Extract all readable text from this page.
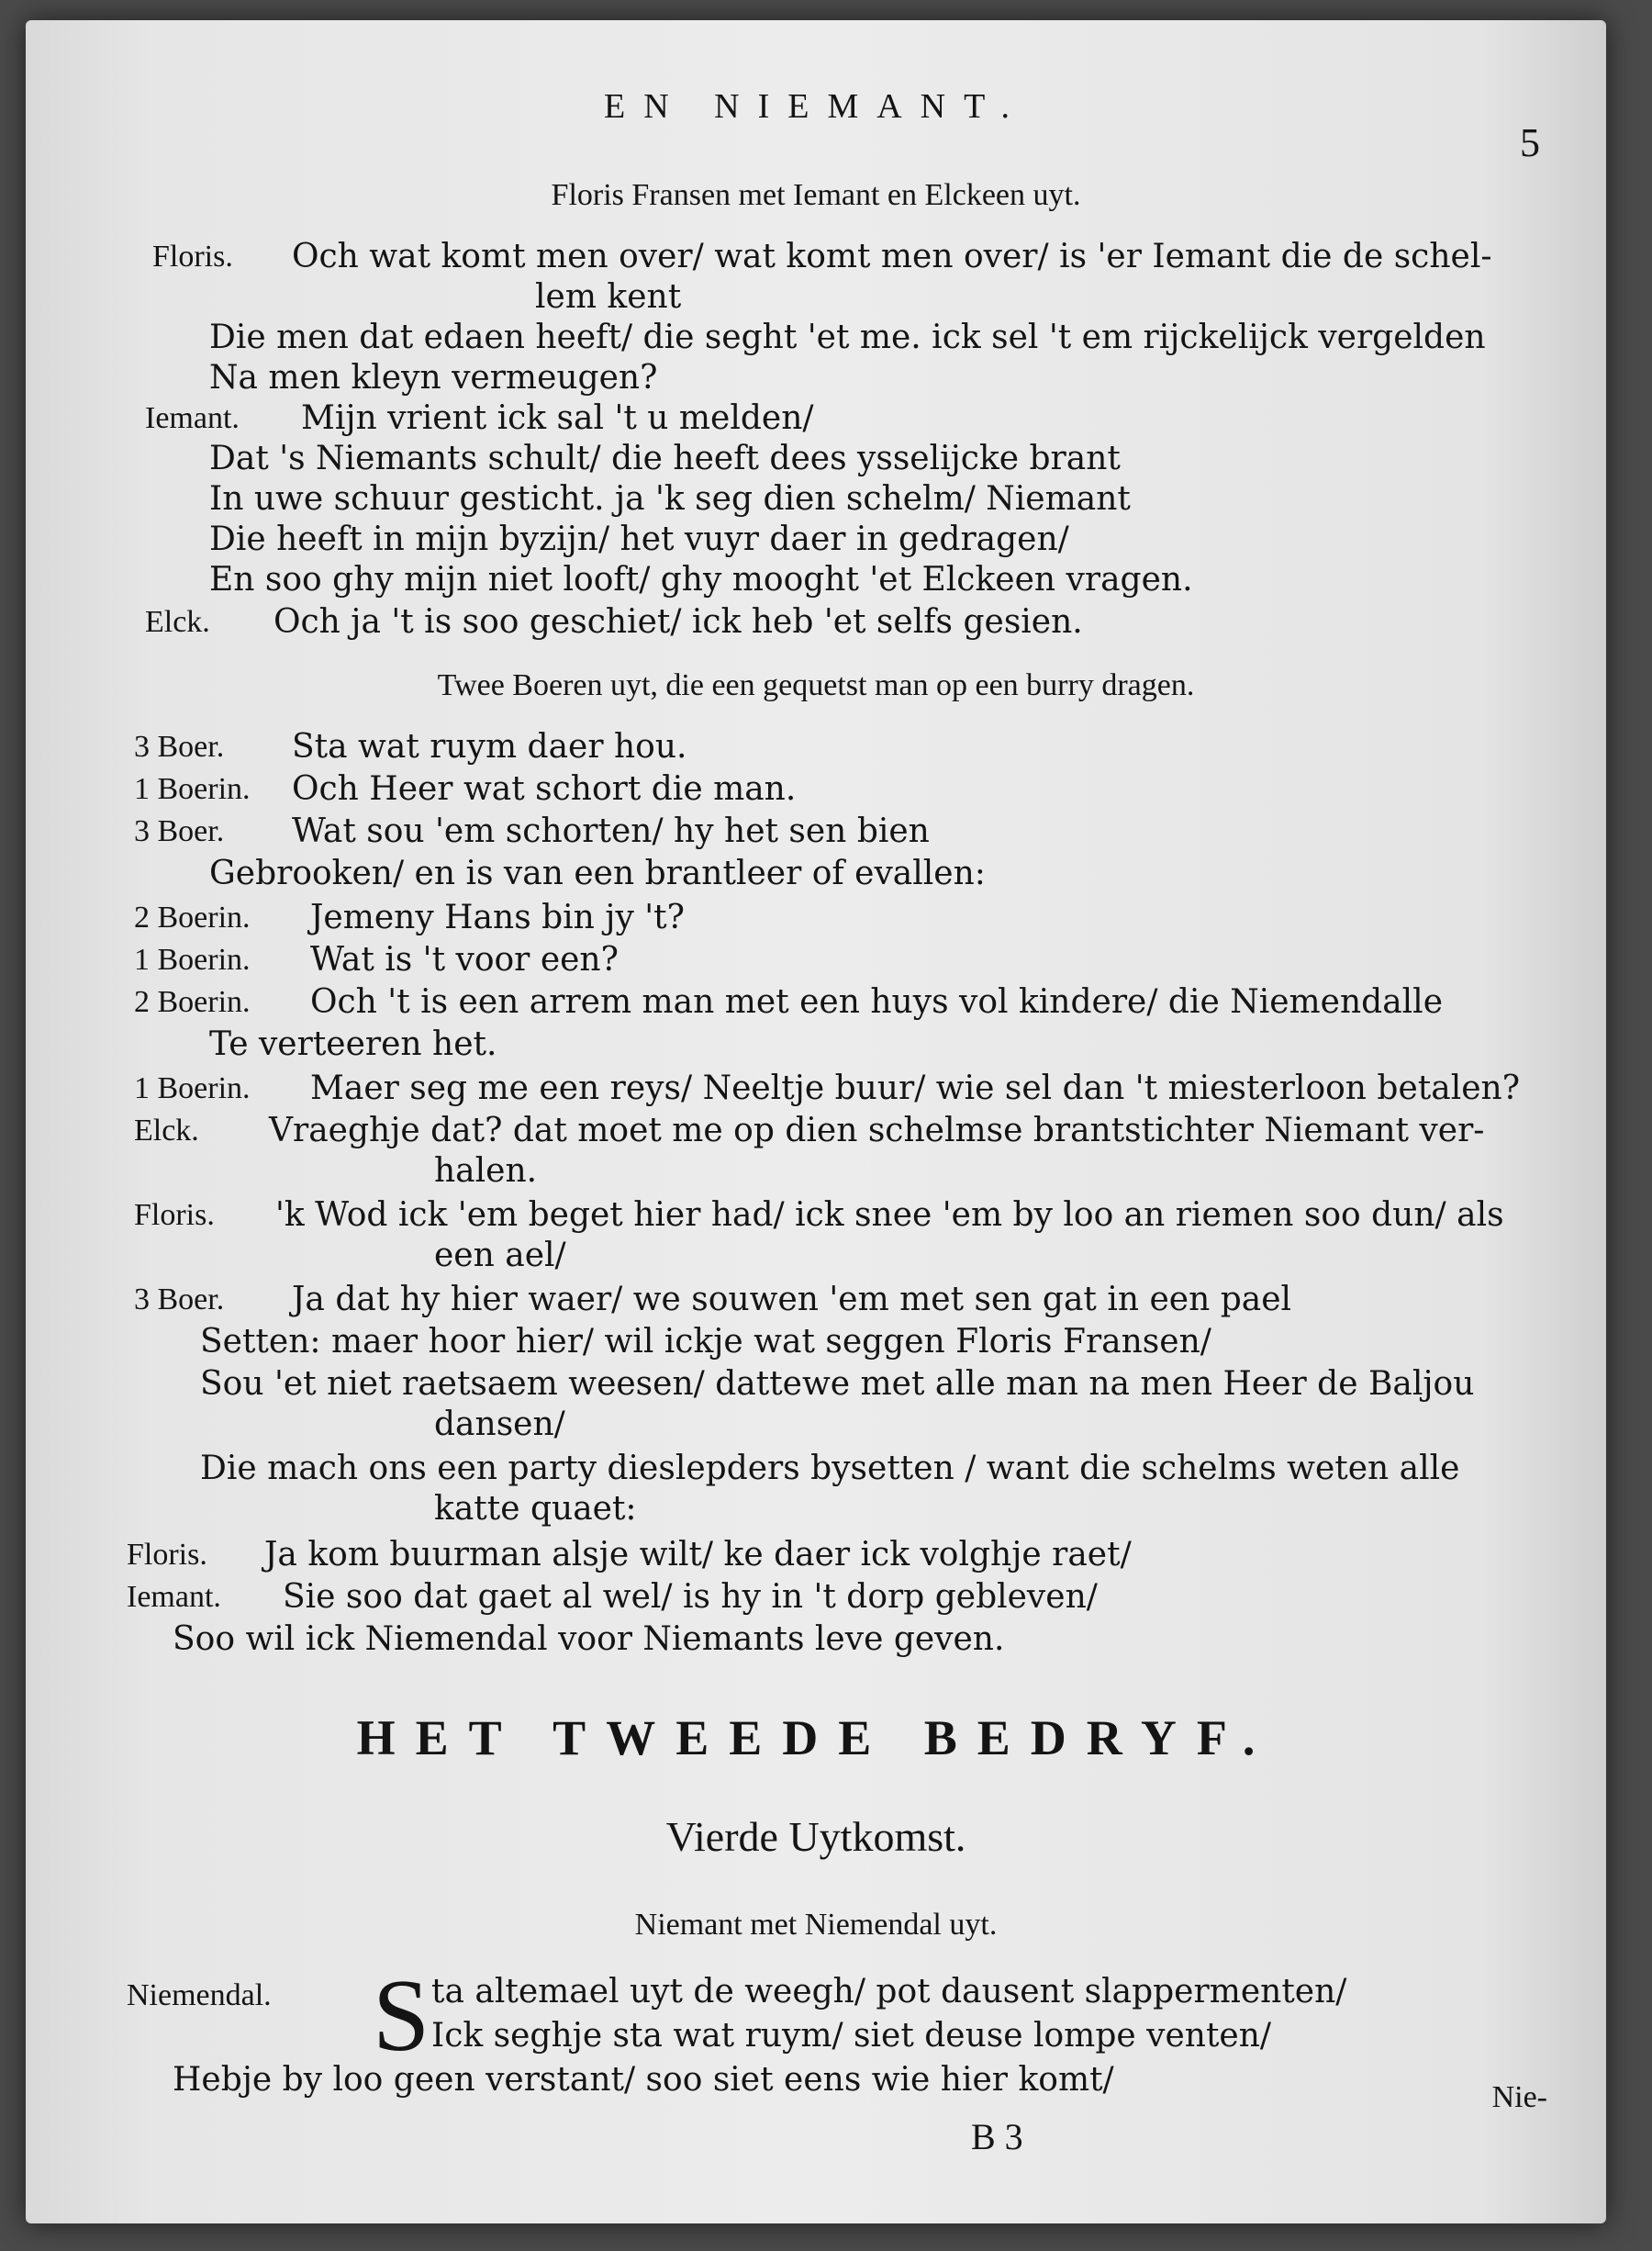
EN NIEMANT.
5
Floris Fransen met Iemant en Elckeen uyt.
Floris. Och wat komt men over/ wat komt men over/ is 'er Iemant die de schel-
lem kent
Die men dat edaen heeft/ die seght 'et me. ick sel 't em rijckelijck vergelden
Na men kleyn vermeugen?
Iemant. Mijn vrient ick sal 't u melden/
Dat 's Niemants schult/ die heeft dees ysselijcke brant
In uwe schuur gesticht. ja 'k seg dien schelm/ Niemant
Die heeft in mijn byzijn/ het vuyr daer in gedragen/
En soo ghy mijn niet looft/ ghy mooght 'et Elckeen vragen.
Elck. Och ja 't is soo geschiet/ ick heb 'et selfs gesien.
Twee Boeren uyt, die een gequetst man op een burry dragen.
3 Boer. Sta wat ruym daer hou.
1 Boerin. Och Heer wat schort die man.
3 Boer. Wat sou 'em schorten/ hy het sen bien
Gebrooken/ en is van een brantleer of evallen:
2 Boerin. Jemeny Hans bin jy 't?
1 Boerin. Wat is 't voor een?
2 Boerin. Och 't is een arrem man met een huys vol kindere/ die Niemendalle
Te verteeren het.
1 Boerin. Maer seg me een reys/ Neeltje buur/ wie sel dan 't miesterloon betalen?
Elck. Vraeghje dat? dat moet me op dien schelmse brantstichter Niemant ver-
halen.
Floris. 'k Wod ick 'em beget hier had/ ick snee 'em by loo an riemen soo dun/ als
een ael/
3 Boer. Ja dat hy hier waer/ we souwen 'em met sen gat in een pael
Setten: maer hoor hier/ wil ickje wat seggen Floris Fransen/
Sou 'et niet raetsaem weesen/ dattewe met alle man na men Heer de Baljou
dansen/
Die mach ons een party dieslepders bysetten / want die schelms weten alle
katte quaet:
Floris. Ja kom buurman alsje wilt/ ke daer ick volghje raet/
Iemant. Sie soo dat gaet al wel/ is hy in 't dorp gebleven/
Soo wil ick Niemendal voor Niemants leve geven.
HET TWEEDE BEDRYF.
Vierde Uytkomst.
Niemant met Niemendal uyt.
Niemendal. S ta altemael uyt de weegh/ pot dausent slappermenten/
Ick seghje sta wat ruym/ siet deuse lompe venten/
Hebje by loo geen verstant/ soo siet eens wie hier komt/	Nie-
B 3
